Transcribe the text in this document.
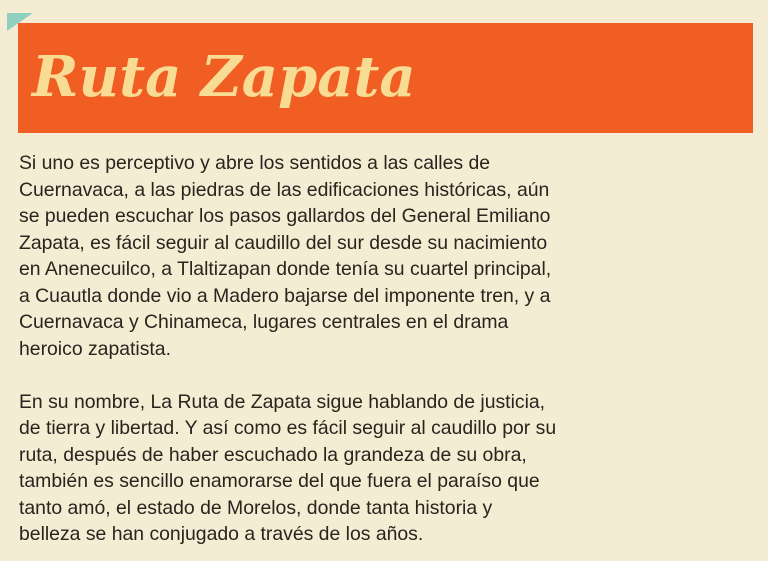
Ruta Zapata

Si uno es perceptivo y abre los sentidos a las calles de
Cuernavaca, a las piedras de las edificaciones históricas, aún
se pueden escuchar los pasos gallardos del General Emiliano
Zapata, es fácil seguir al caudillo del sur desde su nacimiento
en Anenecuilco, a Tlaltizapan donde tenía su cuartel principal,
a Cuautla donde vio a Madero bajarse del imponente tren, y a
Cuernavaca y Chinameca, lugares centrales en el drama
heroico zapatista.

En su nombre, La Ruta de Zapata sigue hablando de justicia,
de tierra y libertad. Y así como es fácil seguir al caudillo por su
ruta, después de haber escuchado la grandeza de su obra,
también es sencillo enamorarse del que fuera el paraíso que
tanto amó, el estado de Morelos, donde tanta historia y
belleza se han conjugado a través de los años.
